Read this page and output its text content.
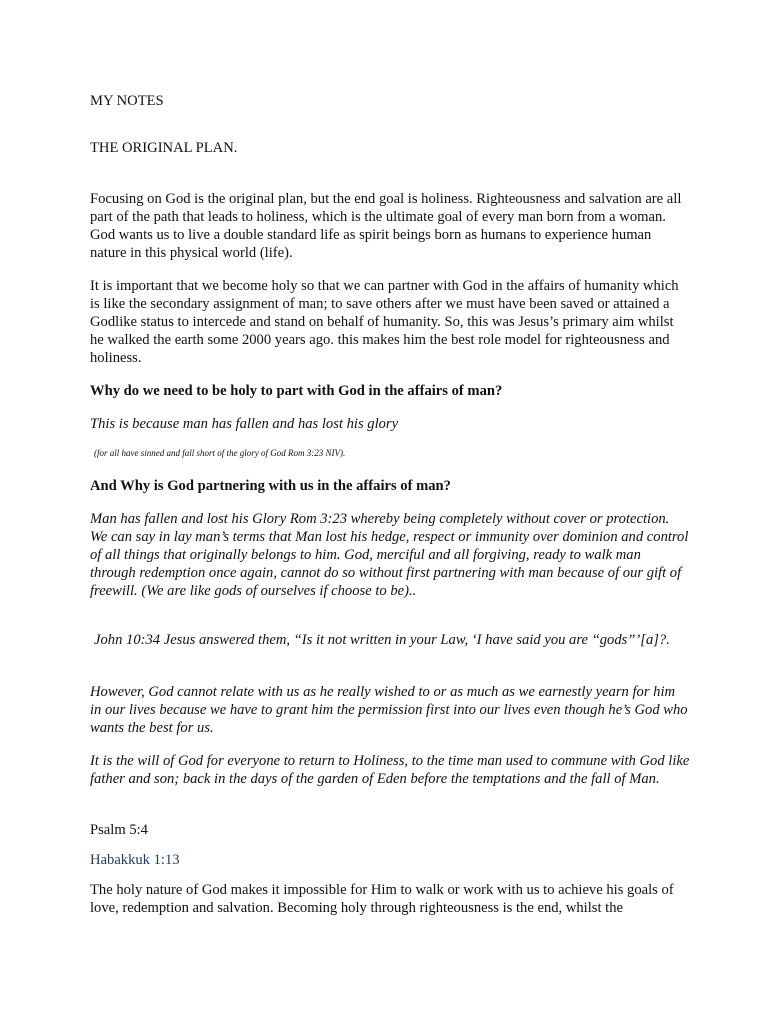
MY NOTES

THE ORIGINAL PLAN.

Focusing on God is the original plan, but the end goal is holiness. Righteousness and salvation are all part of the path that leads to holiness, which is the ultimate goal of every man born from a woman. God wants us to live a double standard life as spirit beings born as humans to experience human nature in this physical world (life).

It is important that we become holy so that we can partner with God in the affairs of humanity which is like the secondary assignment of man; to save others after we must have been saved or attained a Godlike status to intercede and stand on behalf of humanity. So, this was Jesus’s primary aim whilst he walked the earth some 2000 years ago. this makes him the best role model for righteousness and holiness.

Why do we need to be holy to part with God in the affairs of man?

This is because man has fallen and has lost his glory

(for all have sinned and fall short of the glory of God Rom 3:23 NIV).

And Why is God partnering with us in the affairs of man?

Man has fallen and lost his Glory Rom 3:23 whereby being completely without cover or protection. We can say in lay man’s terms that Man lost his hedge, respect or immunity over dominion and control of all things that originally belongs to him. God, merciful and all forgiving, ready to walk man through redemption once again, cannot do so without first partnering with man because of our gift of freewill. (We are like gods of ourselves if choose to be)..

John 10:34 Jesus answered them, “Is it not written in your Law, ‘I have said you are “gods”’[a]?.

However, God cannot relate with us as he really wished to or as much as we earnestly yearn for him in our lives because we have to grant him the permission first into our lives even though he’s God who wants the best for us.

It is the will of God for everyone to return to Holiness, to the time man used to commune with God like father and son; back in the days of the garden of Eden before the temptations and the fall of Man.

Psalm 5:4

Habakkuk 1:13

The holy nature of God makes it impossible for Him to walk or work with us to achieve his goals of love, redemption and salvation. Becoming holy through righteousness is the end, whilst the
